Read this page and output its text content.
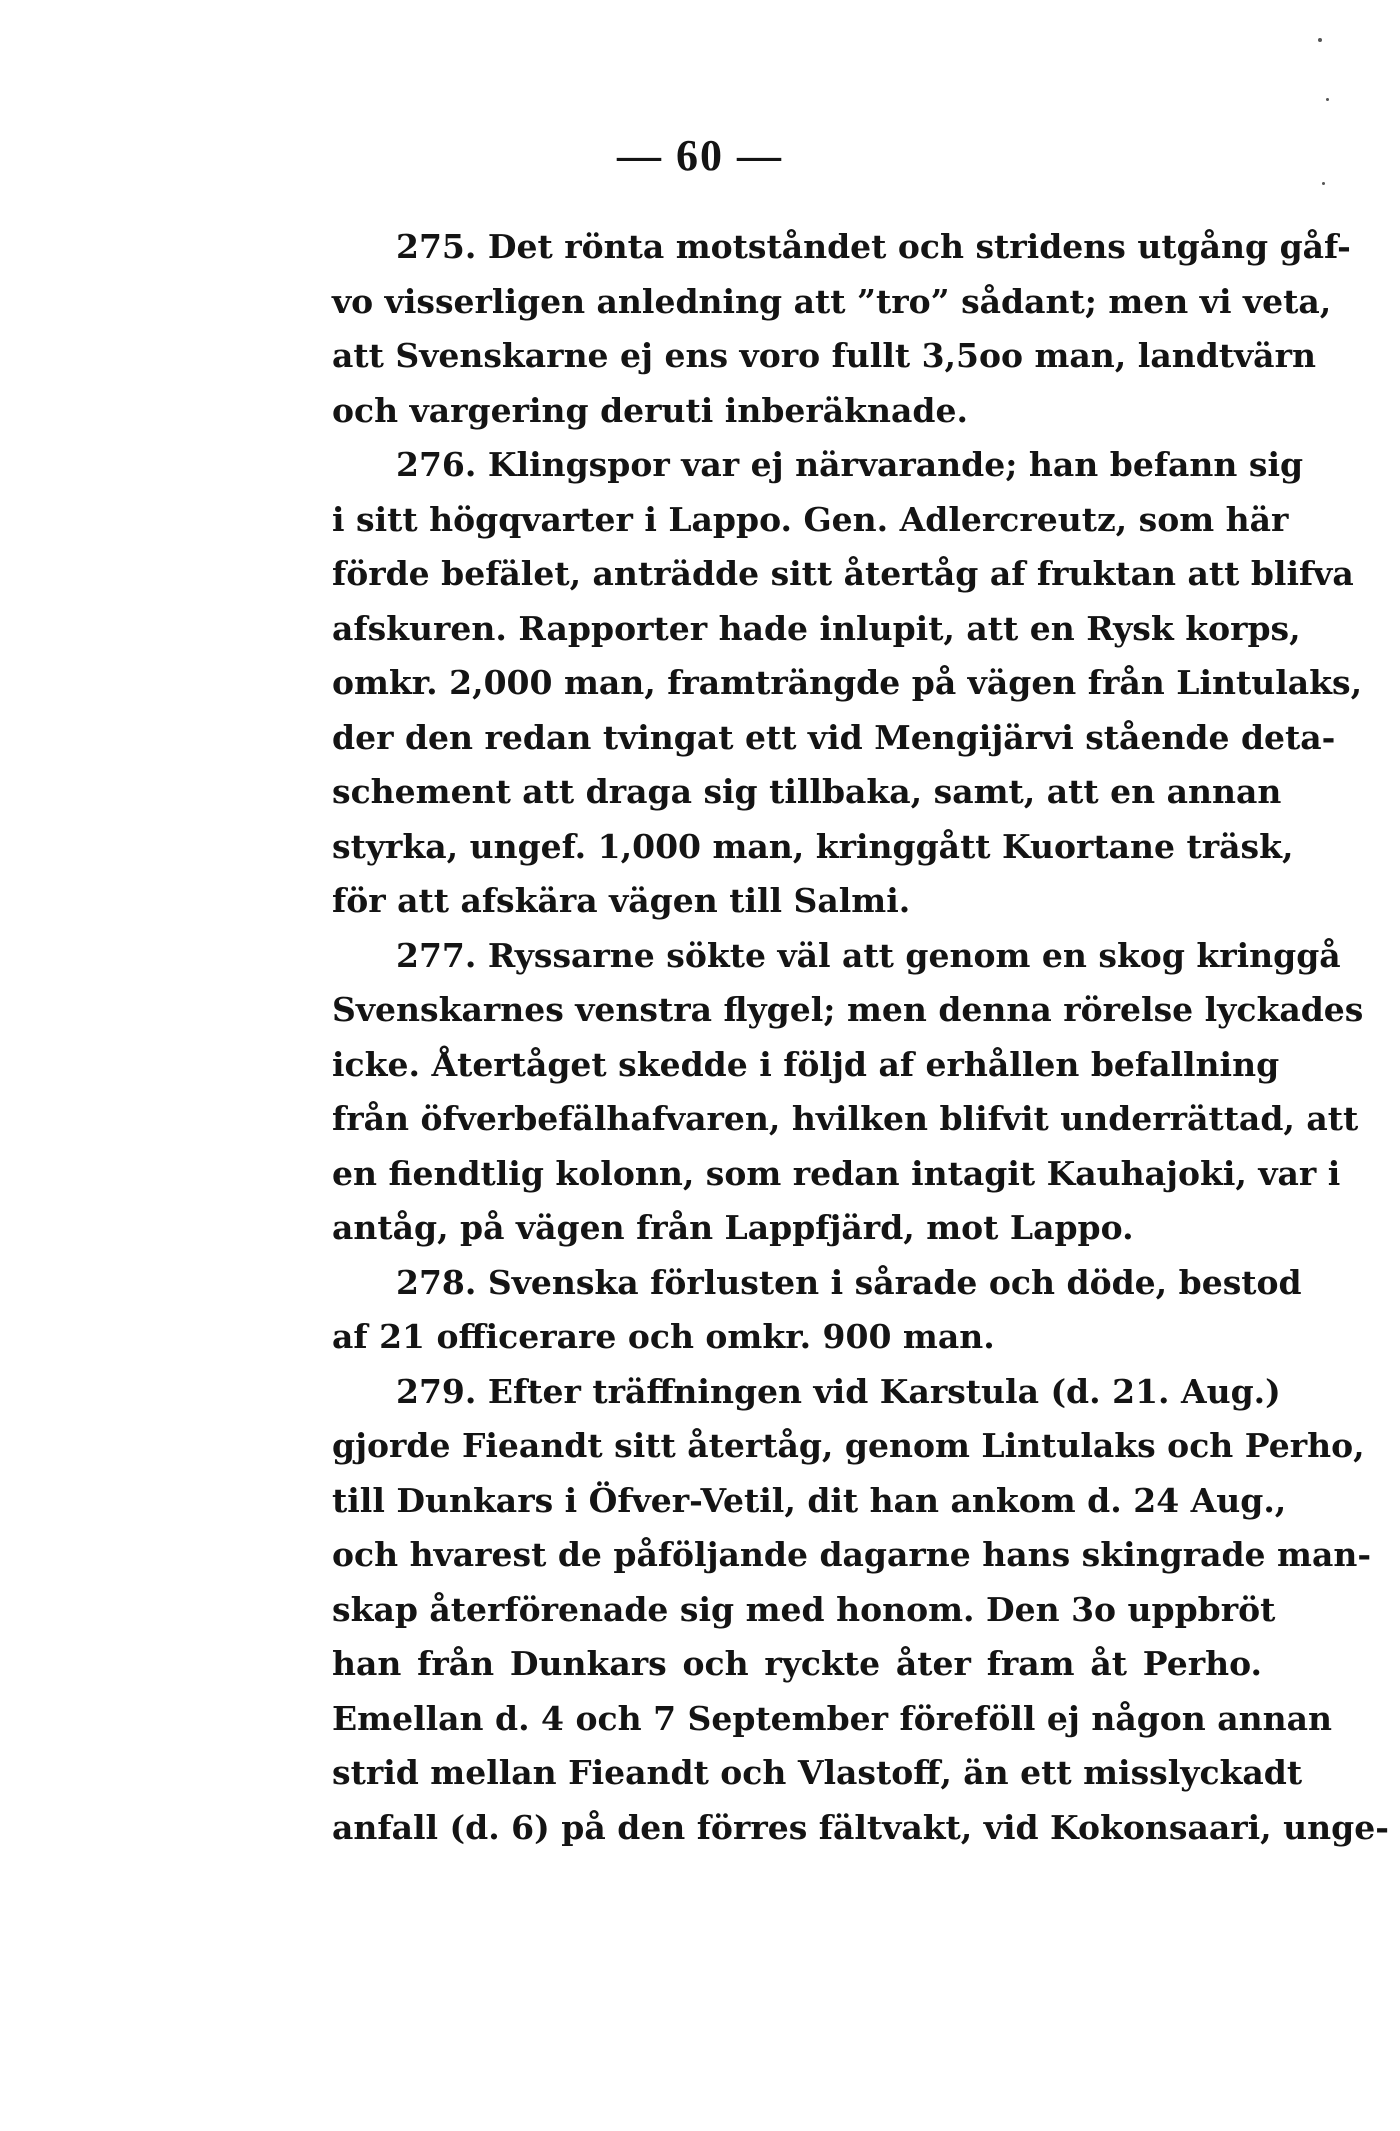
— 60 —
275. Det rönta motståndet och stridens utgång gåf-
vo visserligen anledning att ”tro” sådant; men vi veta,
att Svenskarne ej ens voro fullt 3,5oo man, landtvärn
och vargering deruti inberäknade.
276. Klingspor var ej närvarande; han befann sig
i sitt högqvarter i Lappo. Gen. Adlercreutz, som här
förde befälet, anträdde sitt återtåg af fruktan att blifva
afskuren. Rapporter hade inlupit, att en Rysk korps,
omkr. 2,000 man, framträngde på vägen från Lintulaks,
der den redan tvingat ett vid Mengijärvi stående deta-
schement att draga sig tillbaka, samt, att en annan
styrka, ungef. 1,000 man, kringgått Kuortane träsk,
för att afskära vägen till Salmi.
277. Ryssarne sökte väl att genom en skog kringgå
Svenskarnes venstra flygel; men denna rörelse lyckades
icke. Återtåget skedde i följd af erhållen befallning
från öfverbefälhafvaren, hvilken blifvit underrättad, att
en fiendtlig kolonn, som redan intagit Kauhajoki, var i
antåg, på vägen från Lappfjärd, mot Lappo.
278. Svenska förlusten i sårade och döde, bestod
af 21 officerare och omkr. 900 man.
279. Efter träffningen vid Karstula (d. 21. Aug.)
gjorde Fieandt sitt återtåg, genom Lintulaks och Perho,
till Dunkars i Öfver-Vetil, dit han ankom d. 24 Aug.,
och hvarest de påföljande dagarne hans skingrade man-
skap återförenade sig med honom. Den 3o uppbröt
han från Dunkars och ryckte åter fram åt Perho.
Emellan d. 4 och 7 September föreföll ej någon annan
strid mellan Fieandt och Vlastoff, än ett misslyckadt
anfall (d. 6) på den förres fältvakt, vid Kokonsaari, unge-
